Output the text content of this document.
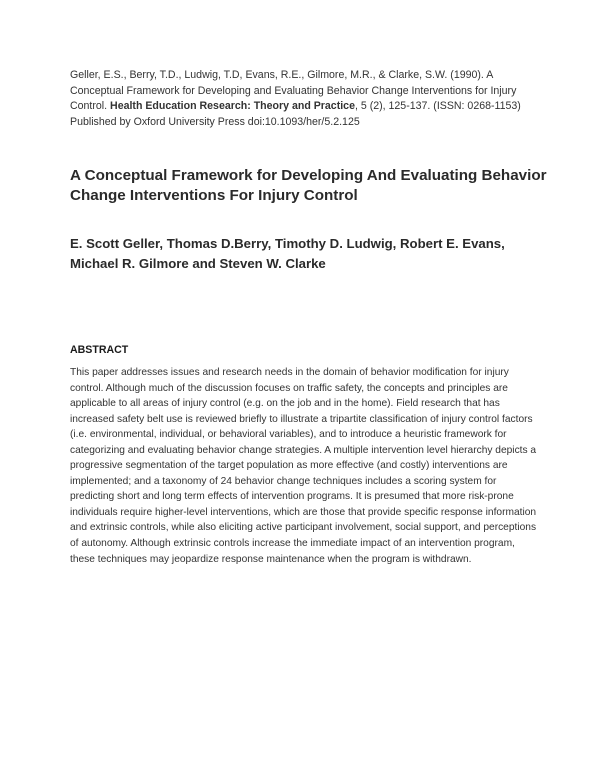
Geller, E.S., Berry, T.D., Ludwig, T.D, Evans, R.E., Gilmore, M.R., & Clarke, S.W. (1990). A Conceptual Framework for Developing and Evaluating Behavior Change Interventions for Injury Control. Health Education Research: Theory and Practice, 5 (2), 125-137. (ISSN: 0268-1153) Published by Oxford University Press doi:10.1093/her/5.2.125
A Conceptual Framework for Developing And Evaluating Behavior Change Interventions For Injury Control
E. Scott Geller, Thomas D.Berry, Timothy D. Ludwig, Robert E. Evans, Michael R. Gilmore and Steven W. Clarke
ABSTRACT
This paper addresses issues and research needs in the domain of behavior modification for injury control. Although much of the discussion focuses on traffic safety, the concepts and principles are applicable to all areas of injury control (e.g. on the job and in the home). Field research that has increased safety belt use is reviewed briefly to illustrate a tripartite classification of injury control factors (i.e. environmental, individual, or behavioral variables), and to introduce a heuristic framework for categorizing and evaluating behavior change strategies. A multiple intervention level hierarchy depicts a progressive segmentation of the target population as more effective (and costly) interventions are implemented; and a taxonomy of 24 behavior change techniques includes a scoring system for predicting short and long term effects of intervention programs. It is presumed that more risk-prone individuals require higher-level interventions, which are those that provide specific response information and extrinsic controls, while also eliciting active participant involvement, social support, and perceptions of autonomy. Although extrinsic controls increase the immediate impact of an intervention program, these techniques may jeopardize response maintenance when the program is withdrawn.
